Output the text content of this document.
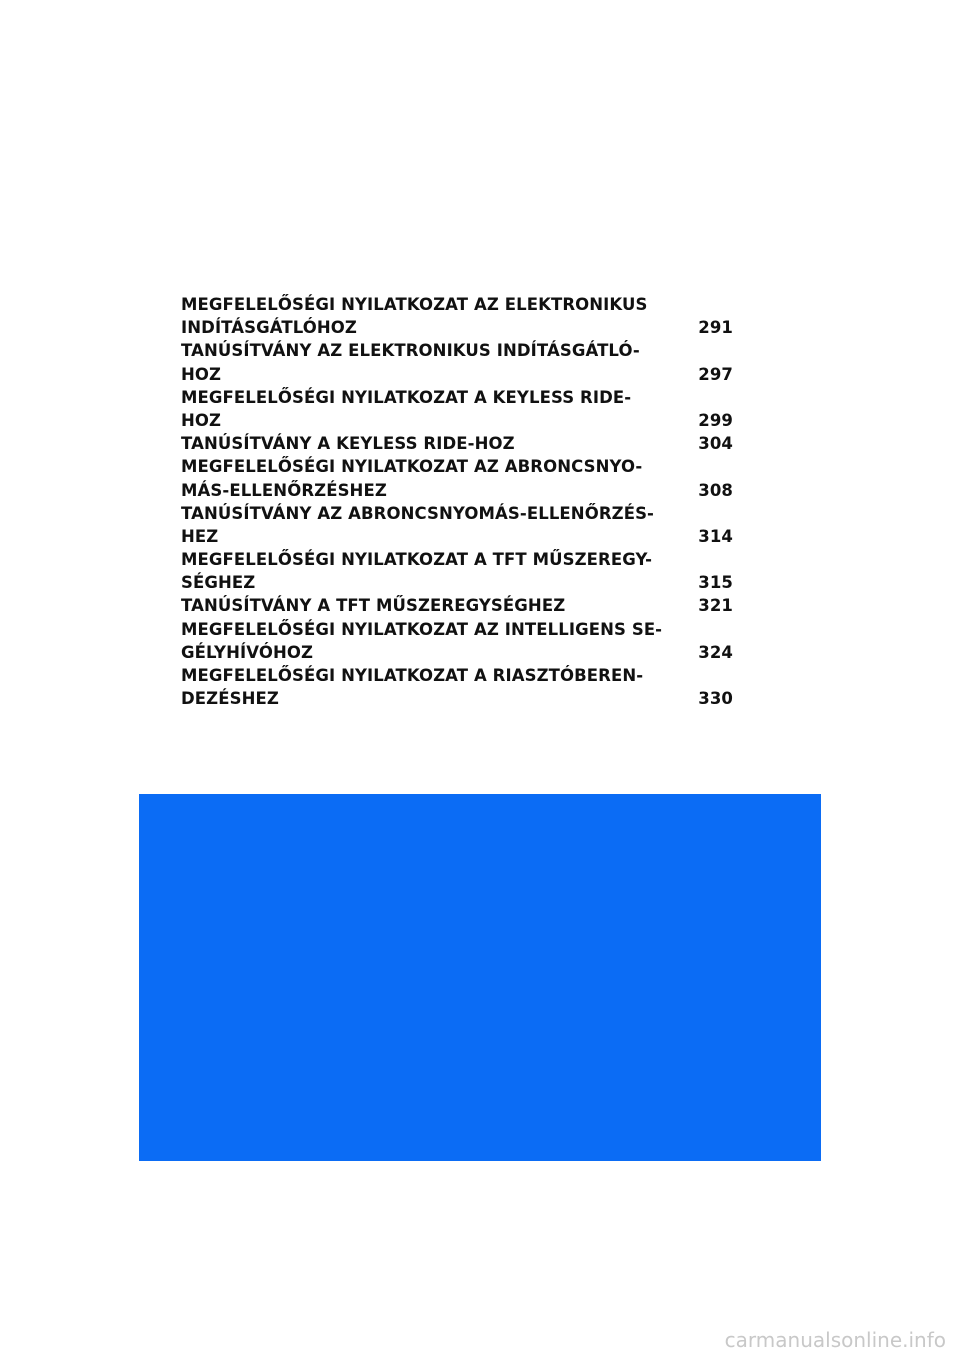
MEGFELELŐSÉGI NYILATKOZAT AZ ELEKTRONIKUS
INDÍTÁSGÁTLÓHOZ	291
TANÚSÍTVÁNY AZ ELEKTRONIKUS INDÍTÁSGÁTLÓ-
HOZ	297
MEGFELELŐSÉGI NYILATKOZAT A KEYLESS RIDE-
HOZ	299
TANÚSÍTVÁNY A KEYLESS RIDE-HOZ	304
MEGFELELŐSÉGI NYILATKOZAT AZ ABRONCSNYO-
MÁS-ELLENŐRZÉSHEZ	308
TANÚSÍTVÁNY AZ ABRONCSNYOMÁS-ELLENŐRZÉS-
HEZ	314
MEGFELELŐSÉGI NYILATKOZAT A TFT MŰSZEREGY-
SÉGHEZ	315
TANÚSÍTVÁNY A TFT MŰSZEREGYSÉGHEZ	321
MEGFELELŐSÉGI NYILATKOZAT AZ INTELLIGENS SE-
GÉLYHÍVÓHOZ	324
MEGFELELŐSÉGI NYILATKOZAT A RIASZTÓBEREN-
DEZÉSHEZ	330
carmanualsonline.info
